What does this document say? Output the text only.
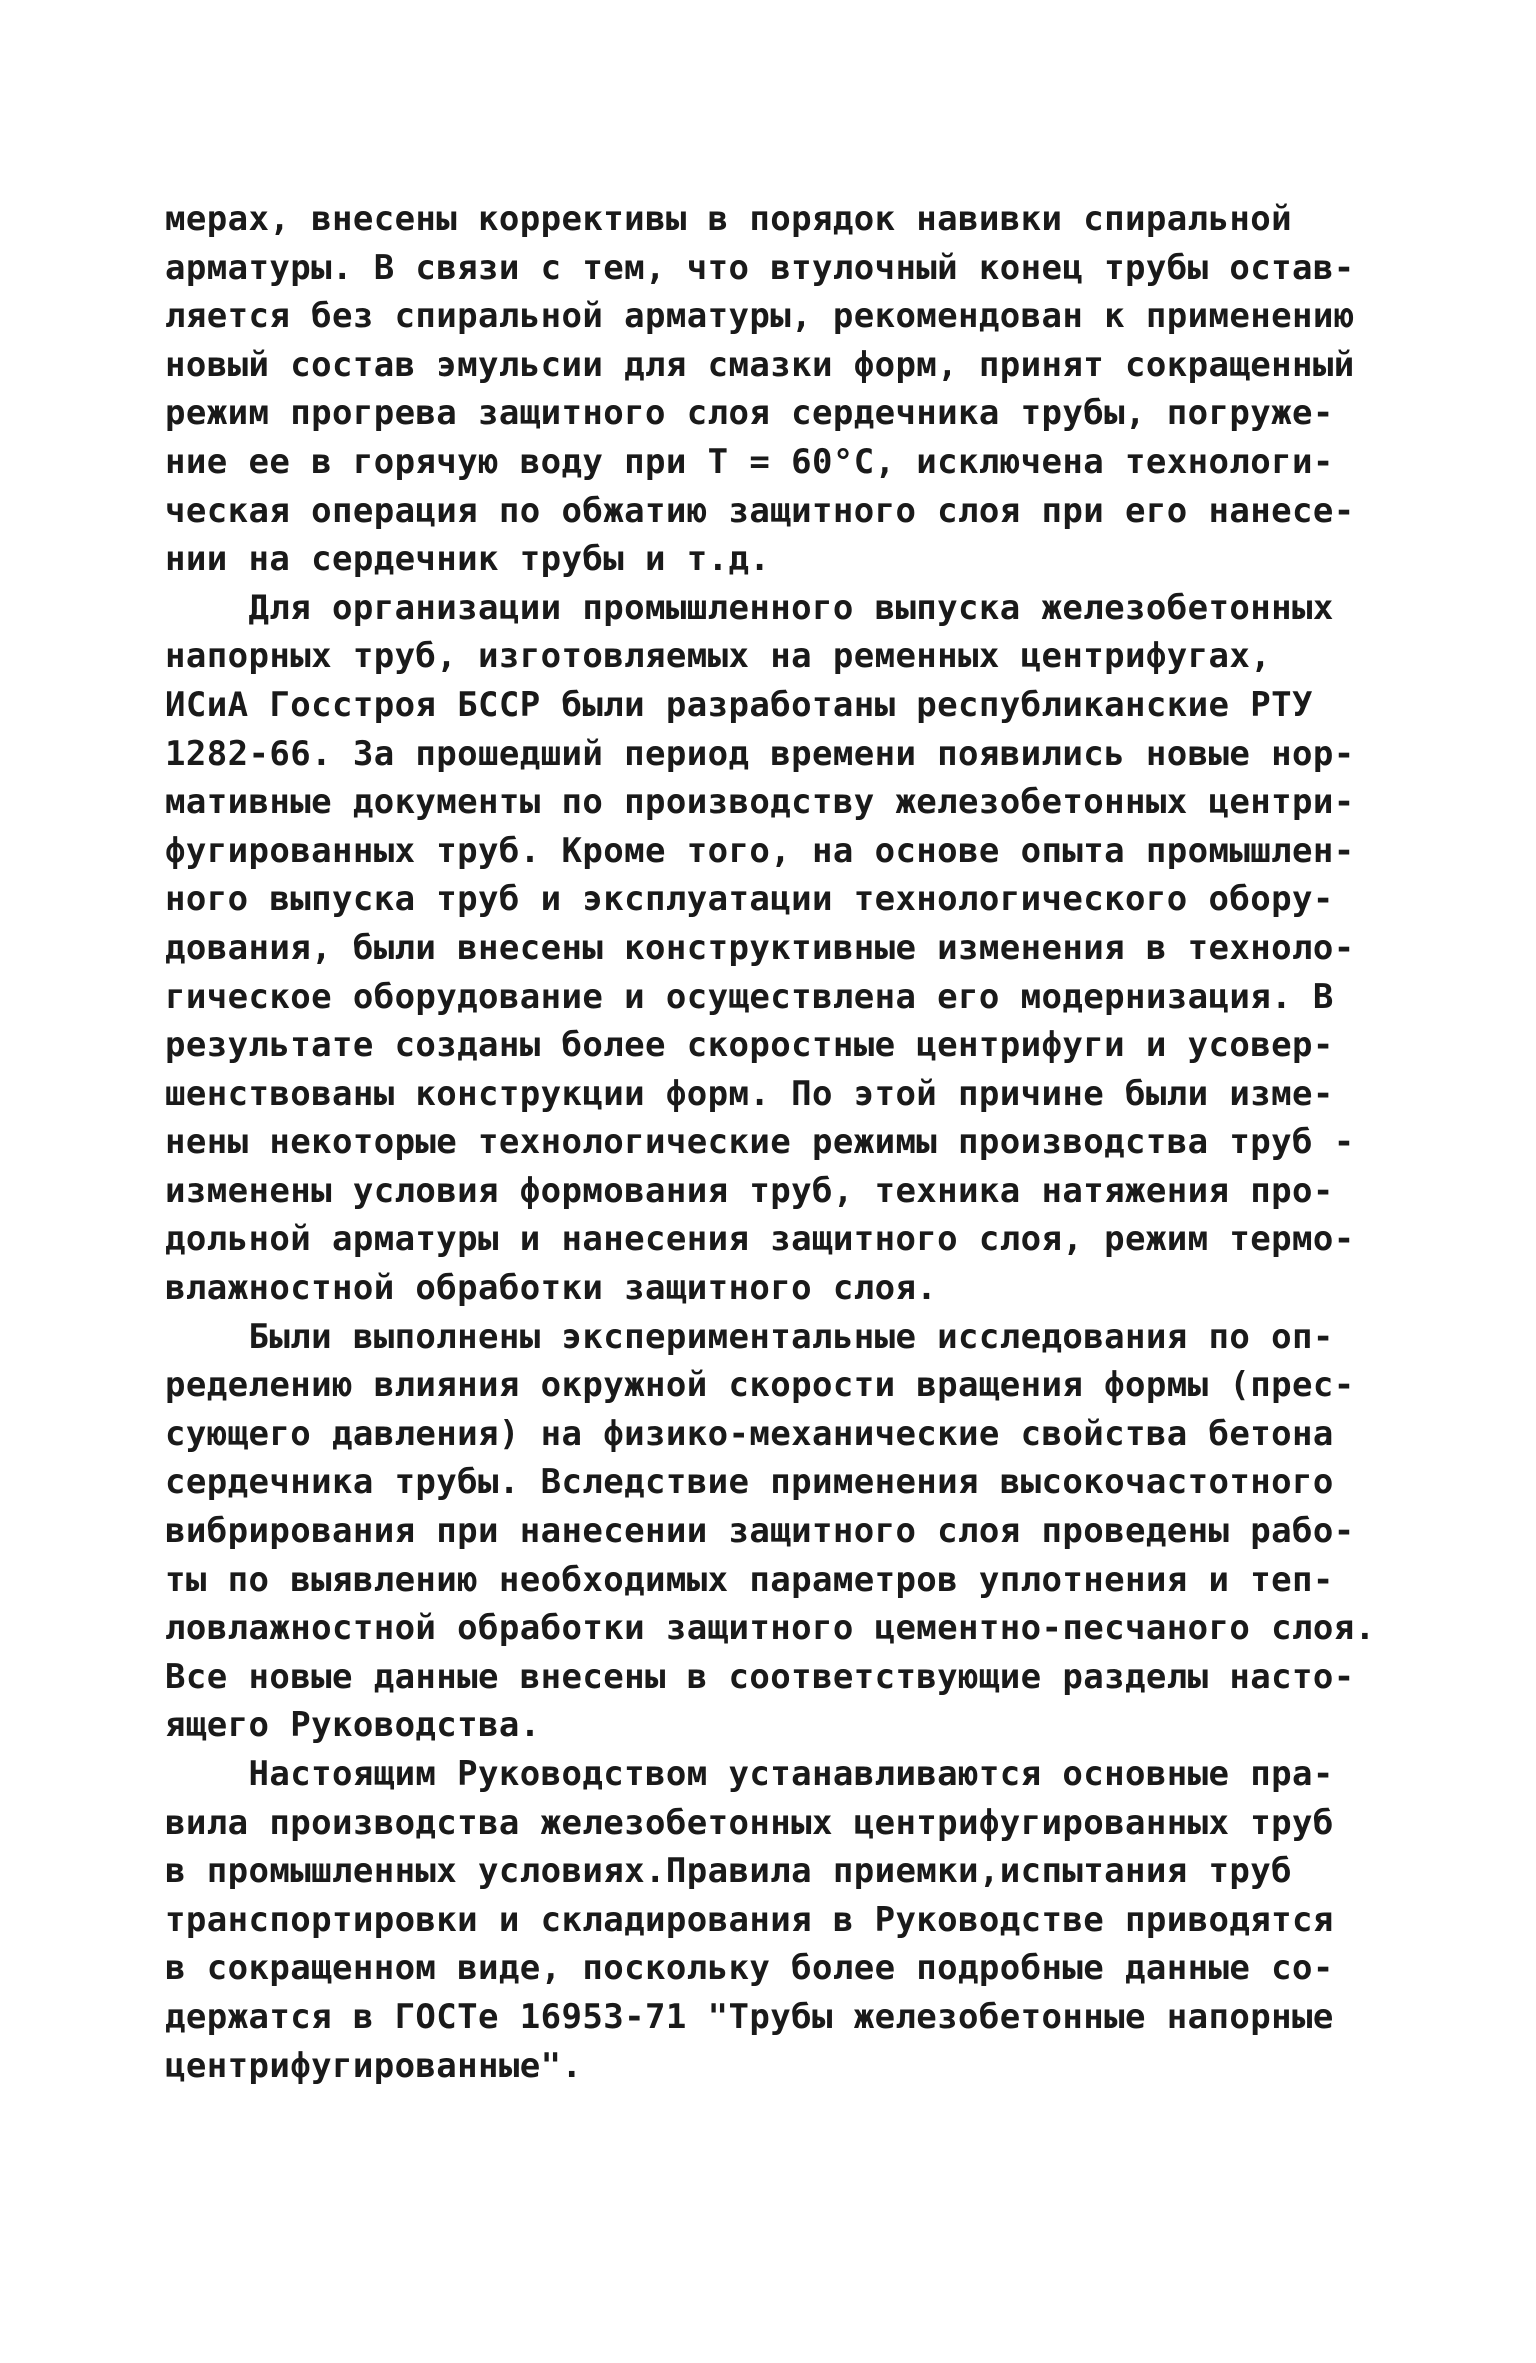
мерах, внесены коррективы в порядок навивки спиральной
арматуры. В связи с тем, что втулочный конец трубы остав-
ляется без спиральной арматуры, рекомендован к применению
новый состав эмульсии для смазки форм, принят сокращенный
режим прогрева защитного слоя сердечника трубы, погруже-
ние ее в горячую воду при Т = 60°С, исключена технологи-
ческая операция по обжатию защитного слоя при его нанесе-
нии на сердечник трубы и т.д.
Для организации промышленного выпуска железобетонных
напорных труб, изготовляемых на ременных центрифугах,
ИСиА Госстроя БССР были разработаны республиканские РТУ
1282-66. За прошедший период времени появились новые нор-
мативные документы по производству железобетонных центри-
фугированных труб. Кроме того, на основе опыта промышлен-
ного выпуска труб и эксплуатации технологического обору-
дования, были внесены конструктивные изменения в техноло-
гическое оборудование и осуществлена его модернизация. В
результате созданы более скоростные центрифуги и усовер-
шенствованы конструкции форм. По этой причине были изме-
нены некоторые технологические режимы производства труб -
изменены условия формования труб, техника натяжения про-
дольной арматуры и нанесения защитного слоя, режим термо-
влажностной обработки защитного слоя.
Были выполнены экспериментальные исследования по оп-
ределению влияния окружной скорости вращения формы (прес-
сующего давления) на физико-механические свойства бетона
сердечника трубы. Вследствие применения высокочастотного
вибрирования при нанесении защитного слоя проведены рабо-
ты по выявлению необходимых параметров уплотнения и теп-
ловлажностной обработки защитного цементно-песчаного слоя.
Все новые данные внесены в соответствующие разделы насто-
ящего Руководства.
Настоящим Руководством устанавливаются основные пра-
вила производства железобетонных центрифугированных труб
в промышленных условиях.Правила приемки,испытания труб
транспортировки и складирования в Руководстве приводятся
в сокращенном виде, поскольку более подробные данные со-
держатся в ГОСТе 16953-71 "Трубы железобетонные напорные
центрифугированные".
